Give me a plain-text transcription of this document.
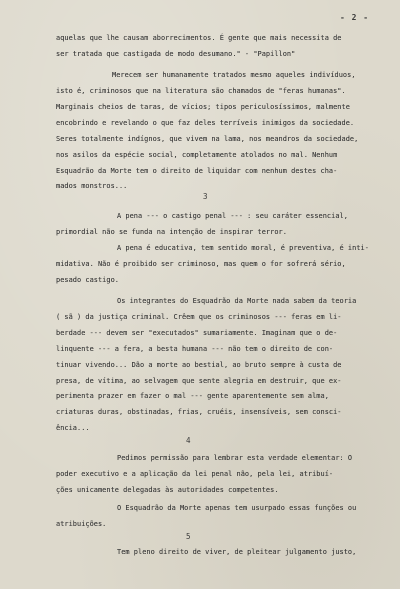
- 2 -
aquelas que lhe causam aborrecimentos. É gente que mais necessita de
ser tratada que castigada de modo desumano." - "Papillon"
Merecem ser humanamente tratados mesmo aqueles indivíduos,
isto é, criminosos que na literatura são chamados de "feras humanas".
Marginais cheios de taras, de vícios; tipos periculosíssimos, malmente
encobrindo e revelando o que faz deles terríveis inimigos da sociedade.
Seres totalmente indígnos, que vivem na lama, nos meandros da sociedade,
nos asilos da espécie social, completamente atolados no mal. Nenhum
Esquadrão da Morte tem o direito de liquidar com nenhum destes cha-
mados monstros...
3
A pena --- o castigo penal --- : seu caráter essencial,
primordial não se funda na intenção de inspirar terror.
A pena é educativa, tem sentido moral, é preventiva, é inti-
midativa. Não é proibido ser criminoso, mas quem o for sofrerá sério,
pesado castigo.
Os integrantes do Esquadrão da Morte nada sabem da teoria
( sã ) da justiça criminal. Crêem que os criminosos --- feras em li-
berdade --- devem ser "executados" sumariamente. Imaginam que o de-
linquente --- a fera, a besta humana --- não tem o direito de con-
tinuar vivendo... Dão a morte ao bestial, ao bruto sempre à custa de
presa, de vítima, ao selvagem que sente alegria em destruir, que ex-
perimenta prazer em fazer o mal --- gente aparentemente sem alma,
criaturas duras, obstinadas, frias, cruéis, insensíveis, sem consci-
ência...
4
Pedimos permissão para lembrar esta verdade elementar: O
poder executivo e a aplicação da lei penal não, pela lei, atribuí-
ções unicamente delegadas às autoridades competentes.
O Esquadrão da Morte apenas tem usurpado essas funções ou
atribuições.
5
Tem pleno direito de viver, de pleitear julgamento justo,
